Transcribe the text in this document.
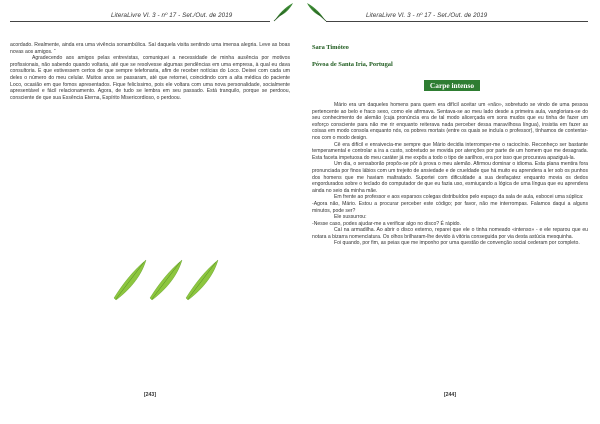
LiteraLivre Vl. 3 - nº 17 - Set./Out. de 2019

acordado. Realmente, ainda era uma vivência sonambúlica. Saí daquela visita sentindo uma imensa alegria. Leve as boas novas aos amigos. “

Agradecendo aos amigos pelas entrevistas, comuniquei a necessidade de minha ausência por motivos profissionais, não sabendo quando voltaria, até que se resolvesse algumas pendências em uma empresa, à qual eu dava consultoria. E que estivessem certos de que sempre telefonaria, afim de receber notícias do Loco. Deixei com cada um deles o número do meu celular. Muitos anos se passaram, até que retornei, coincidindo com a alta médica do paciente Loco, ocasião em que fomos apresentados. Fique felicíssimo, pois ele voltara com uma nova personalidade, socialmente apresentável e fácil relacionamento. Agora, de tudo se lembra em seu passado. Está tranquilo, porque se perdoou, consciente de que sua Essência Eterna, Espírito Misericordioso, o perdoou.

[243]
LiteraLivre Vl. 3 - nº 17 - Set./Out. de 2019
Sara Timóteo
Póvoa de Santa Iria, Portugal
Carpe intenso

Mário era um daqueles homens para quem era difícil aceitar um «não», sobretudo se vindo de uma pessoa pertencente ao belo e fraco sexo, como ele afirmava. Sentava-se ao meu lado desde a primeira aula, vangloriara-se do seu conhecimento de alemão (cuja pronúncia era de tal modo alicerçada em sons mudos que eu tinha de fazer um esforço consciente para não me rir enquanto reiterava nada perceber dessa maravilhosa língua), insistia em fazer as coisas em modo consola enquanto nós, os pobres mortais (entre os quais se incluía o professor), tínhamos de contentar-nos com o modo design.

Cê era difícil e enraivecia-me sempre que Mário decidia interromper-me o raciocínio. Reconheço ser bastante temperamental e controlar a ira a custo, sobretudo se movida por atenções por parte de um homem que me desagrada. Esta faceta impetuosa do meu caráter já me expôs a todo o tipo de sarilhos, era por isso que procurava apaziguá-la.

Um dia, o sensaborão propôs-se pôr à prova o meu alemão. Afirmou dominar o idioma. Esta plana mentira fora pronunciada por finos lábios com um trejeito de ansiedade e de crueldade que há muito eu aprendera a ler sob os punhos dos homens que me haviam maltratado. Suportei com dificuldade a sua desfaçatez enquanto movia os dedos engordurados sobre o teclado do computador de que eu fazia uso, esmiuçando a lógica de uma língua que eu aprendera ainda no seio da minha mãe.

Em frente ao professor e aos esparsos colegas distribuídos pelo espaço da sala de aula, esbocei uma súplica:

-Agora não, Mário. Estou a procurar perceber este código; por favor, não me interrompas. Falamos daqui a alguns minutos, pode ser?

Ele sussurrou:

-Nesse caso, podes ajudar-me a verificar algo no disco? É rápido.

Caí na armadilha. Ao abrir o disco externo, reparei que ele o tinha nomeado «intenso» - e ele reparou que eu notara a bizarra nomenclatura. Os olhos brilharam-lhe devido à vitória conseguida por via desta astúcia mesquinha.

Foi quando, por fim, as peias que me imponho por uma questão de convenção social cederam por completo.

[244]
